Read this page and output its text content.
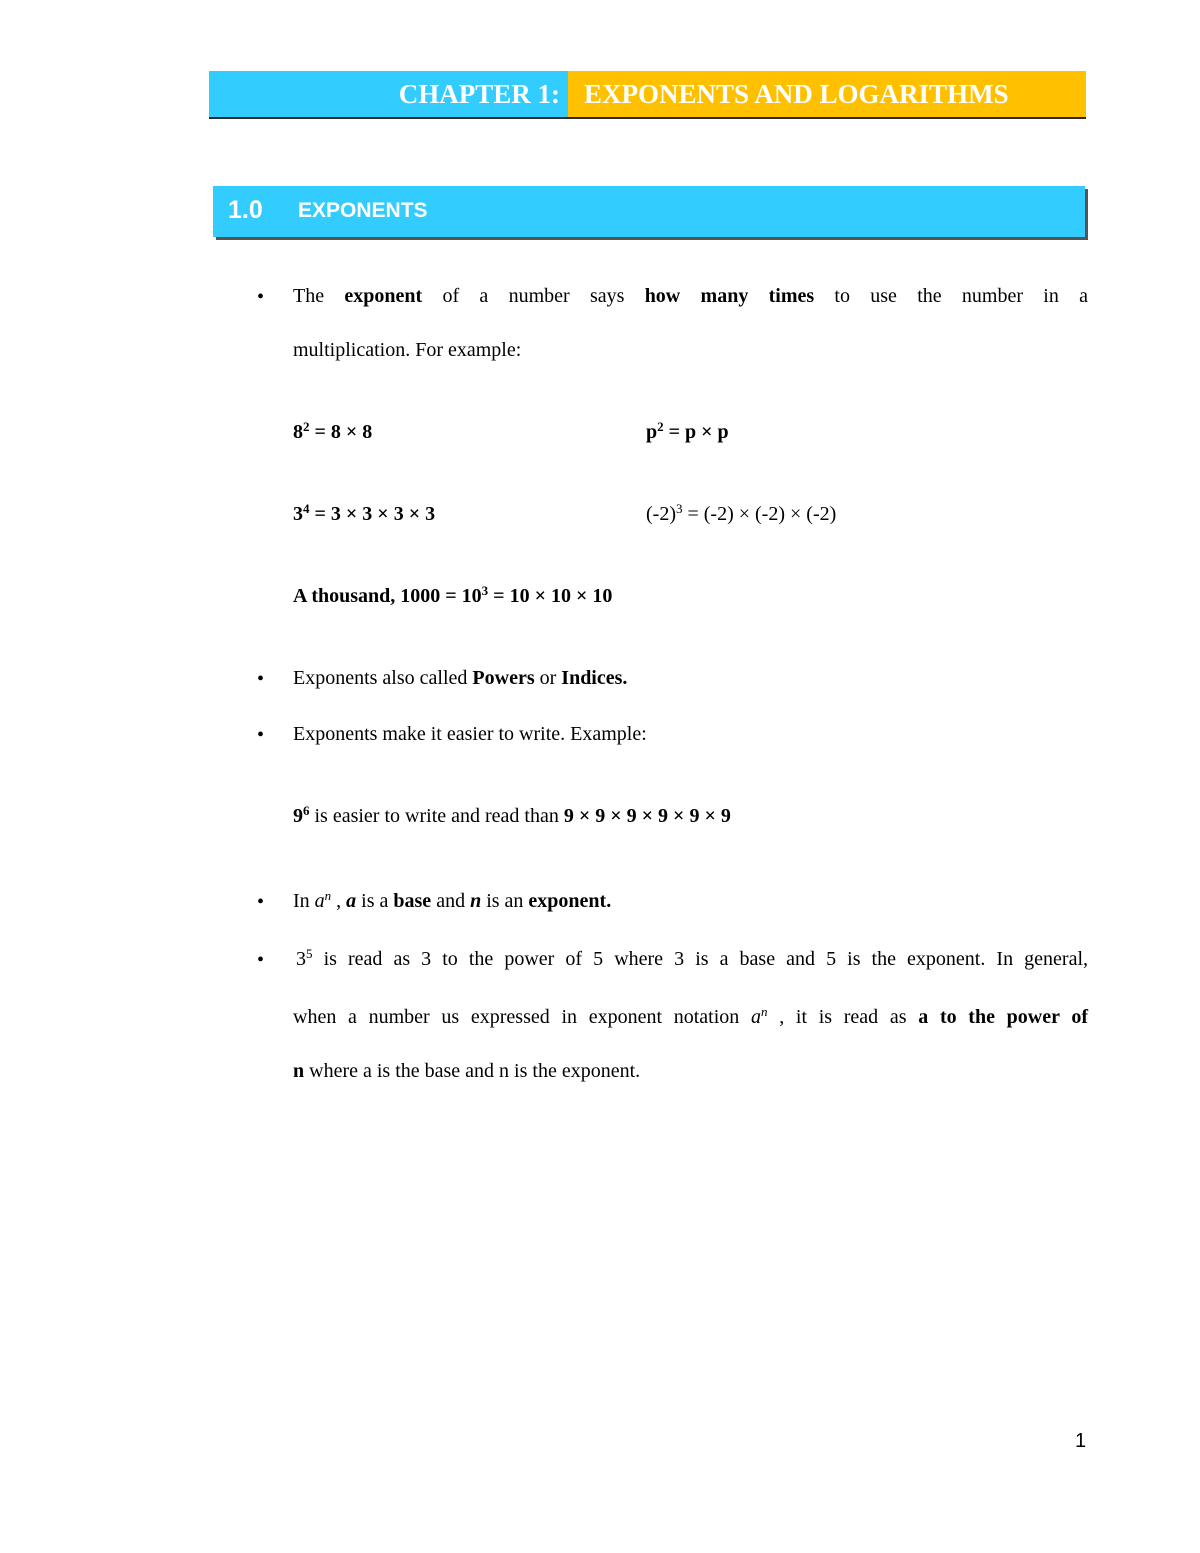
CHAPTER 1: EXPONENTS AND LOGARITHMS
1.0 EXPONENTS
• The exponent of a number says how many times to use the number in a
multiplication. For example:
$8^2 = 8 \times 8$	$p^2 = p \times p$
$3^4 = 3 \times 3 \times 3 \times 3$	$(-2)^3 = (-2) \times (-2) \times (-2)$
A thousand, $1000 = 10^3 = 10 \times 10 \times 10$
• Exponents also called Powers or Indices.
• Exponents make it easier to write. Example:
$9^6$ is easier to write and read than 9 × 9 × 9 × 9 × 9 × 9
• In $a^n$ , a is a base and n is an exponent.
• $3^5$ is read as 3 to the power of 5 where 3 is a base and 5 is the exponent. In general,
when a number us expressed in exponent notation $a^n$ , it is read as a to the power of
n where a is the base and n is the exponent.
1
